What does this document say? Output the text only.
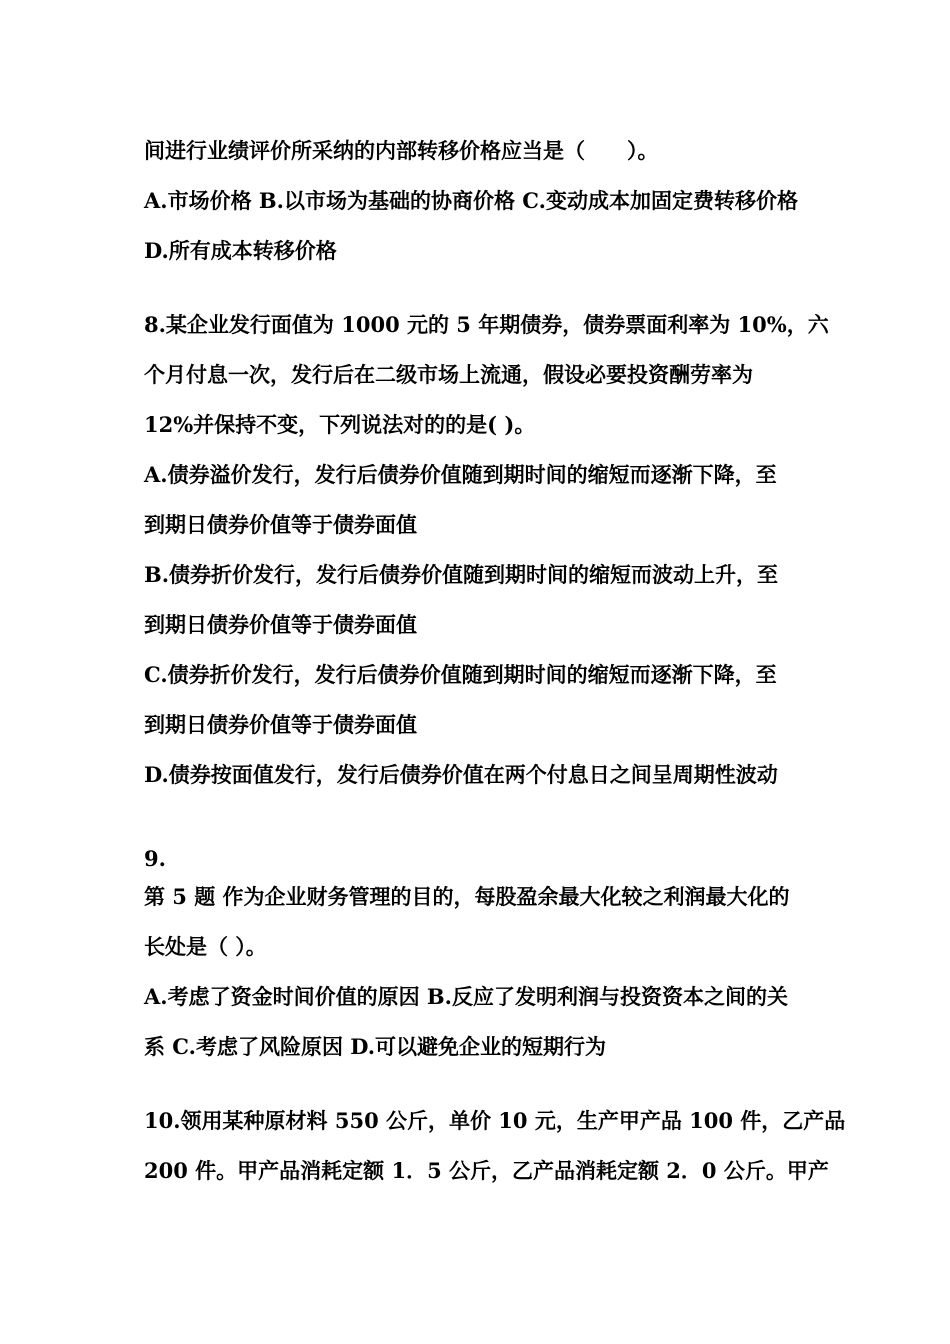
间进行业绩评价所采纳的内部转移价格应当是（　　）。
A.市场价格 B.以市场为基础的协商价格 C.变动成本加固定费转移价格
D.所有成本转移价格
8.某企业发行面值为 1000 元的 5 年期债券，债券票面利率为 10%，六
个月付息一次，发行后在二级市场上流通，假设必要投资酬劳率为
12%并保持不变，下列说法对的的是( )。
A.债券溢价发行，发行后债券价值随到期时间的缩短而逐渐下降，至
到期日债券价值等于债券面值
B.债券折价发行，发行后债券价值随到期时间的缩短而波动上升，至
到期日债券价值等于债券面值
C.债券折价发行，发行后债券价值随到期时间的缩短而逐渐下降，至
到期日债券价值等于债券面值
D.债券按面值发行，发行后债券价值在两个付息日之间呈周期性波动
9.
第 5 题 作为企业财务管理的目的，每股盈余最大化较之利润最大化的
长处是（ ）。
A.考虑了资金时间价值的原因 B.反应了发明利润与投资资本之间的关
系 C.考虑了风险原因 D.可以避免企业的短期行为
10.领用某种原材料 550 公斤，单价 10 元，生产甲产品 100 件，乙产品
200 件。甲产品消耗定额 1．5 公斤，乙产品消耗定额 2．0 公斤。甲产
